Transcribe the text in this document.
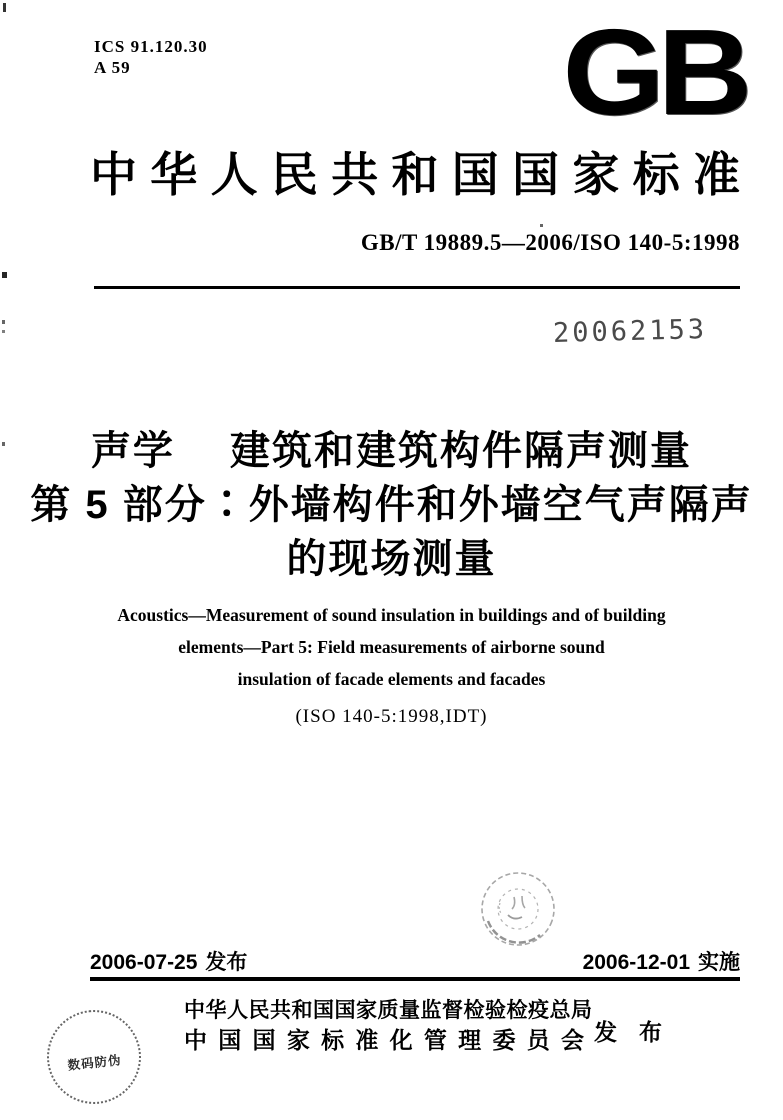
ICS 91.120.30
A 59	GB
中华人民共和国国家标准
GB/T 19889.5—2006/ISO 140-5:1998
20062153
声学　 建筑和建筑构件隔声测量
第 5 部分∶外墙构件和外墙空气声隔声
的现场测量
Acoustics—Measurement of sound insulation in buildings and of building
elements—Part 5: Field measurements of airborne sound
insulation of facade elements and facades
(ISO 140-5:1998,IDT)
2006-07-25 发布	2006-12-01 实施
中华人民共和国国家质量监督检验检疫总局
中国国家标准化管理委员会 发布
数码防伪
